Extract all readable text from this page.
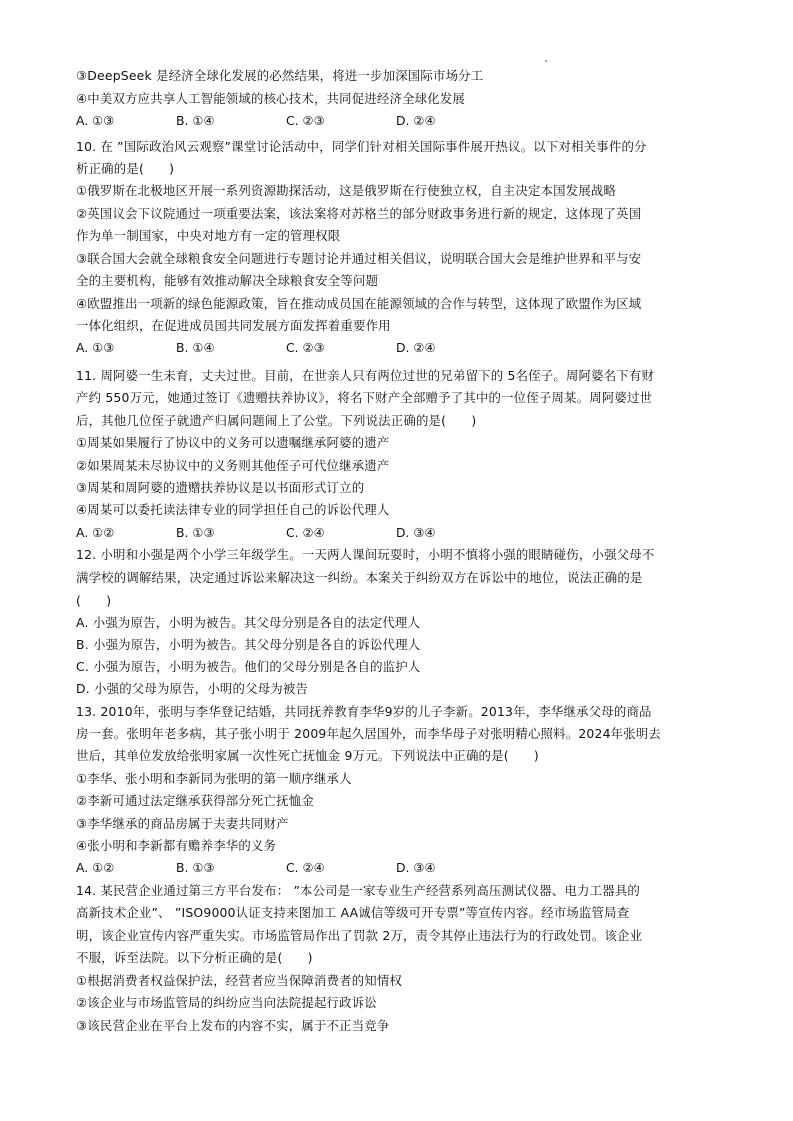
③DeepSeek 是经济全球化发展的必然结果，将进一步加深国际市场分工
④中美双方应共享人工智能领域的核心技术，共同促进经济全球化发展
A. ①③	B. ①④	C. ②③	D. ②④
10. 在 ”国际政治风云观察”课堂讨论活动中，同学们针对相关国际事件展开热议。以下对相关事件的分
析正确的是(　　)
①俄罗斯在北极地区开展一系列资源勘探活动，这是俄罗斯在行使独立权，自主决定本国发展战略
②英国议会下议院通过一项重要法案，该法案将对苏格兰的部分财政事务进行新的规定，这体现了英国
作为单一制国家，中央对地方有一定的管理权限
③联合国大会就全球粮食安全问题进行专题讨论并通过相关倡议，说明联合国大会是维护世界和平与安
全的主要机构，能够有效推动解决全球粮食安全等问题
④欧盟推出一项新的绿色能源政策，旨在推动成员国在能源领域的合作与转型，这体现了欧盟作为区域
一体化组织，在促进成员国共同发展方面发挥着重要作用
A. ①③	B. ①④	C. ②③	D. ②④
11. 周阿婆一生未育，丈夫过世。目前，在世亲人只有两位过世的兄弟留下的 5名侄子。周阿婆名下有财
产约 550万元，她通过签订《遗赠扶养协议》，将名下财产全部赠予了其中的一位侄子周某。周阿婆过世
后，其他几位侄子就遗产归属问题闹上了公堂。下列说法正确的是(　　)
①周某如果履行了协议中的义务可以遗嘱继承阿婆的遗产
②如果周某未尽协议中的义务则其他侄子可代位继承遗产
③周某和周阿婆的遗赠扶养协议是以书面形式订立的
④周某可以委托读法律专业的同学担任自己的诉讼代理人
A. ①②	B. ①③	C. ②④	D. ③④
12. 小明和小强是两个小学三年级学生。一天两人课间玩耍时，小明不慎将小强的眼睛碰伤，小强父母不
满学校的调解结果，决定通过诉讼来解决这一纠纷。本案关于纠纷双方在诉讼中的地位，说法正确的是
(　　)
A. 小强为原告，小明为被告。其父母分别是各自的法定代理人
B. 小强为原告，小明为被告。其父母分别是各自的诉讼代理人
C. 小强为原告，小明为被告。他们的父母分别是各自的监护人
D. 小强的父母为原告，小明的父母为被告
13. 2010年，张明与李华登记结婚，共同抚养教育李华9岁的儿子李新。2013年，李华继承父母的商品
房一套。张明年老多病，其子张小明于 2009年起久居国外，而李华母子对张明精心照料。2024年张明去
世后，其单位发放给张明家属一次性死亡抚恤金 9万元。下列说法中正确的是(　　)
①李华、张小明和李新同为张明的第一顺序继承人
②李新可通过法定继承获得部分死亡抚恤金
③李华继承的商品房属于夫妻共同财产
④张小明和李新都有赡养李华的义务
A. ①②	B. ①③	C. ②④	D. ③④
14. 某民营企业通过第三方平台发布： ”本公司是一家专业生产经营系列高压测试仪器、电力工器具的
高新技术企业”、 ”ISO9000认证支持来图加工 AA诚信等级可开专票”等宣传内容。经市场监管局查
明，该企业宣传内容严重失实。市场监管局作出了罚款 2万，责令其停止违法行为的行政处罚。该企业
不服，诉至法院。以下分析正确的是(　　)
①根据消费者权益保护法，经营者应当保障消费者的知情权
②该企业与市场监管局的纠纷应当向法院提起行政诉讼
③该民营企业在平台上发布的内容不实，属于不正当竞争
